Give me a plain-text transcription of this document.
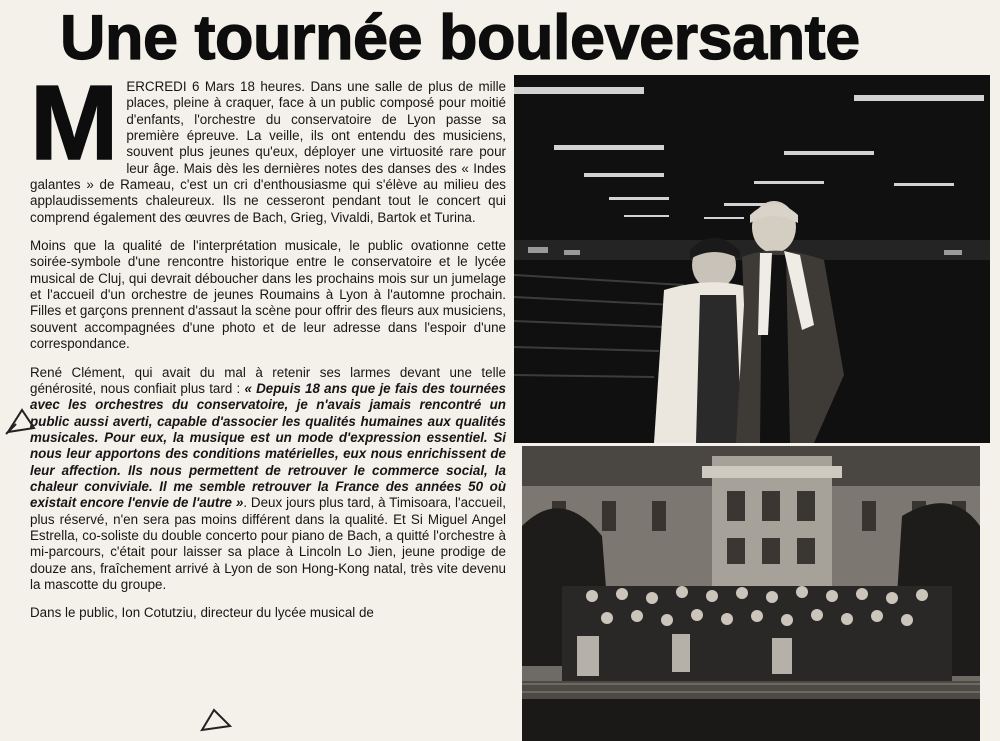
Une tournée bouleversante

MERCREDI 6 Mars 18 heures. Dans une salle de plus de mille places, pleine à craquer, face à un public composé pour moitié d'enfants, l'orchestre du conservatoire de Lyon passe sa première épreuve. La veille, ils ont entendu des musiciens, souvent plus jeunes qu'eux, déployer une virtuosité rare pour leur âge. Mais dès les dernières notes des danses des « Indes galantes » de Rameau, c'est un cri d'enthousiasme qui s'élève au milieu des applaudissements chaleureux. Ils ne cesseront pendant tout le concert qui comprend également des œuvres de Bach, Grieg, Vivaldi, Bartok et Turina.

Moins que la qualité de l'interprétation musicale, le public ovationne cette soirée-symbole d'une rencontre historique entre le conservatoire et le lycée musical de Cluj, qui devrait déboucher dans les prochains mois sur un jumelage et l'accueil d'un orchestre de jeunes Roumains à Lyon à l'automne prochain. Filles et garçons prennent d'assaut la scène pour offrir des fleurs aux musiciens, souvent accompagnées d'une photo et de leur adresse dans l'espoir d'une correspondance.

René Clément, qui avait du mal à retenir ses larmes devant une telle générosité, nous confiait plus tard : « Depuis 18 ans que je fais des tournées avec les orchestres du conservatoire, je n'avais jamais rencontré un public aussi averti, capable d'associer les qualités humaines aux qualités musicales. Pour eux, la musique est un mode d'expression essentiel. Si nous leur apportons des conditions matérielles, eux nous enrichissent de leur affection. Ils nous permettent de retrouver le commerce social, la chaleur conviviale. Il me semble retrouver la France des années 50 où existait encore l'envie de l'autre ». Deux jours plus tard, à Timisoara, l'accueil, plus réservé, n'en sera pas moins différent dans la qualité. Et Si Miguel Angel Estrella, co-soliste du double concerto pour piano de Bach, a quitté l'orchestre à mi-parcours, c'était pour laisser sa place à Lincoln Lo Jien, jeune prodige de douze ans, fraîchement arrivé à Lyon de son Hong-Kong natal, très vite devenu la mascotte du groupe.

Dans le public, Ion Cotutziu, directeur du lycée musical de
